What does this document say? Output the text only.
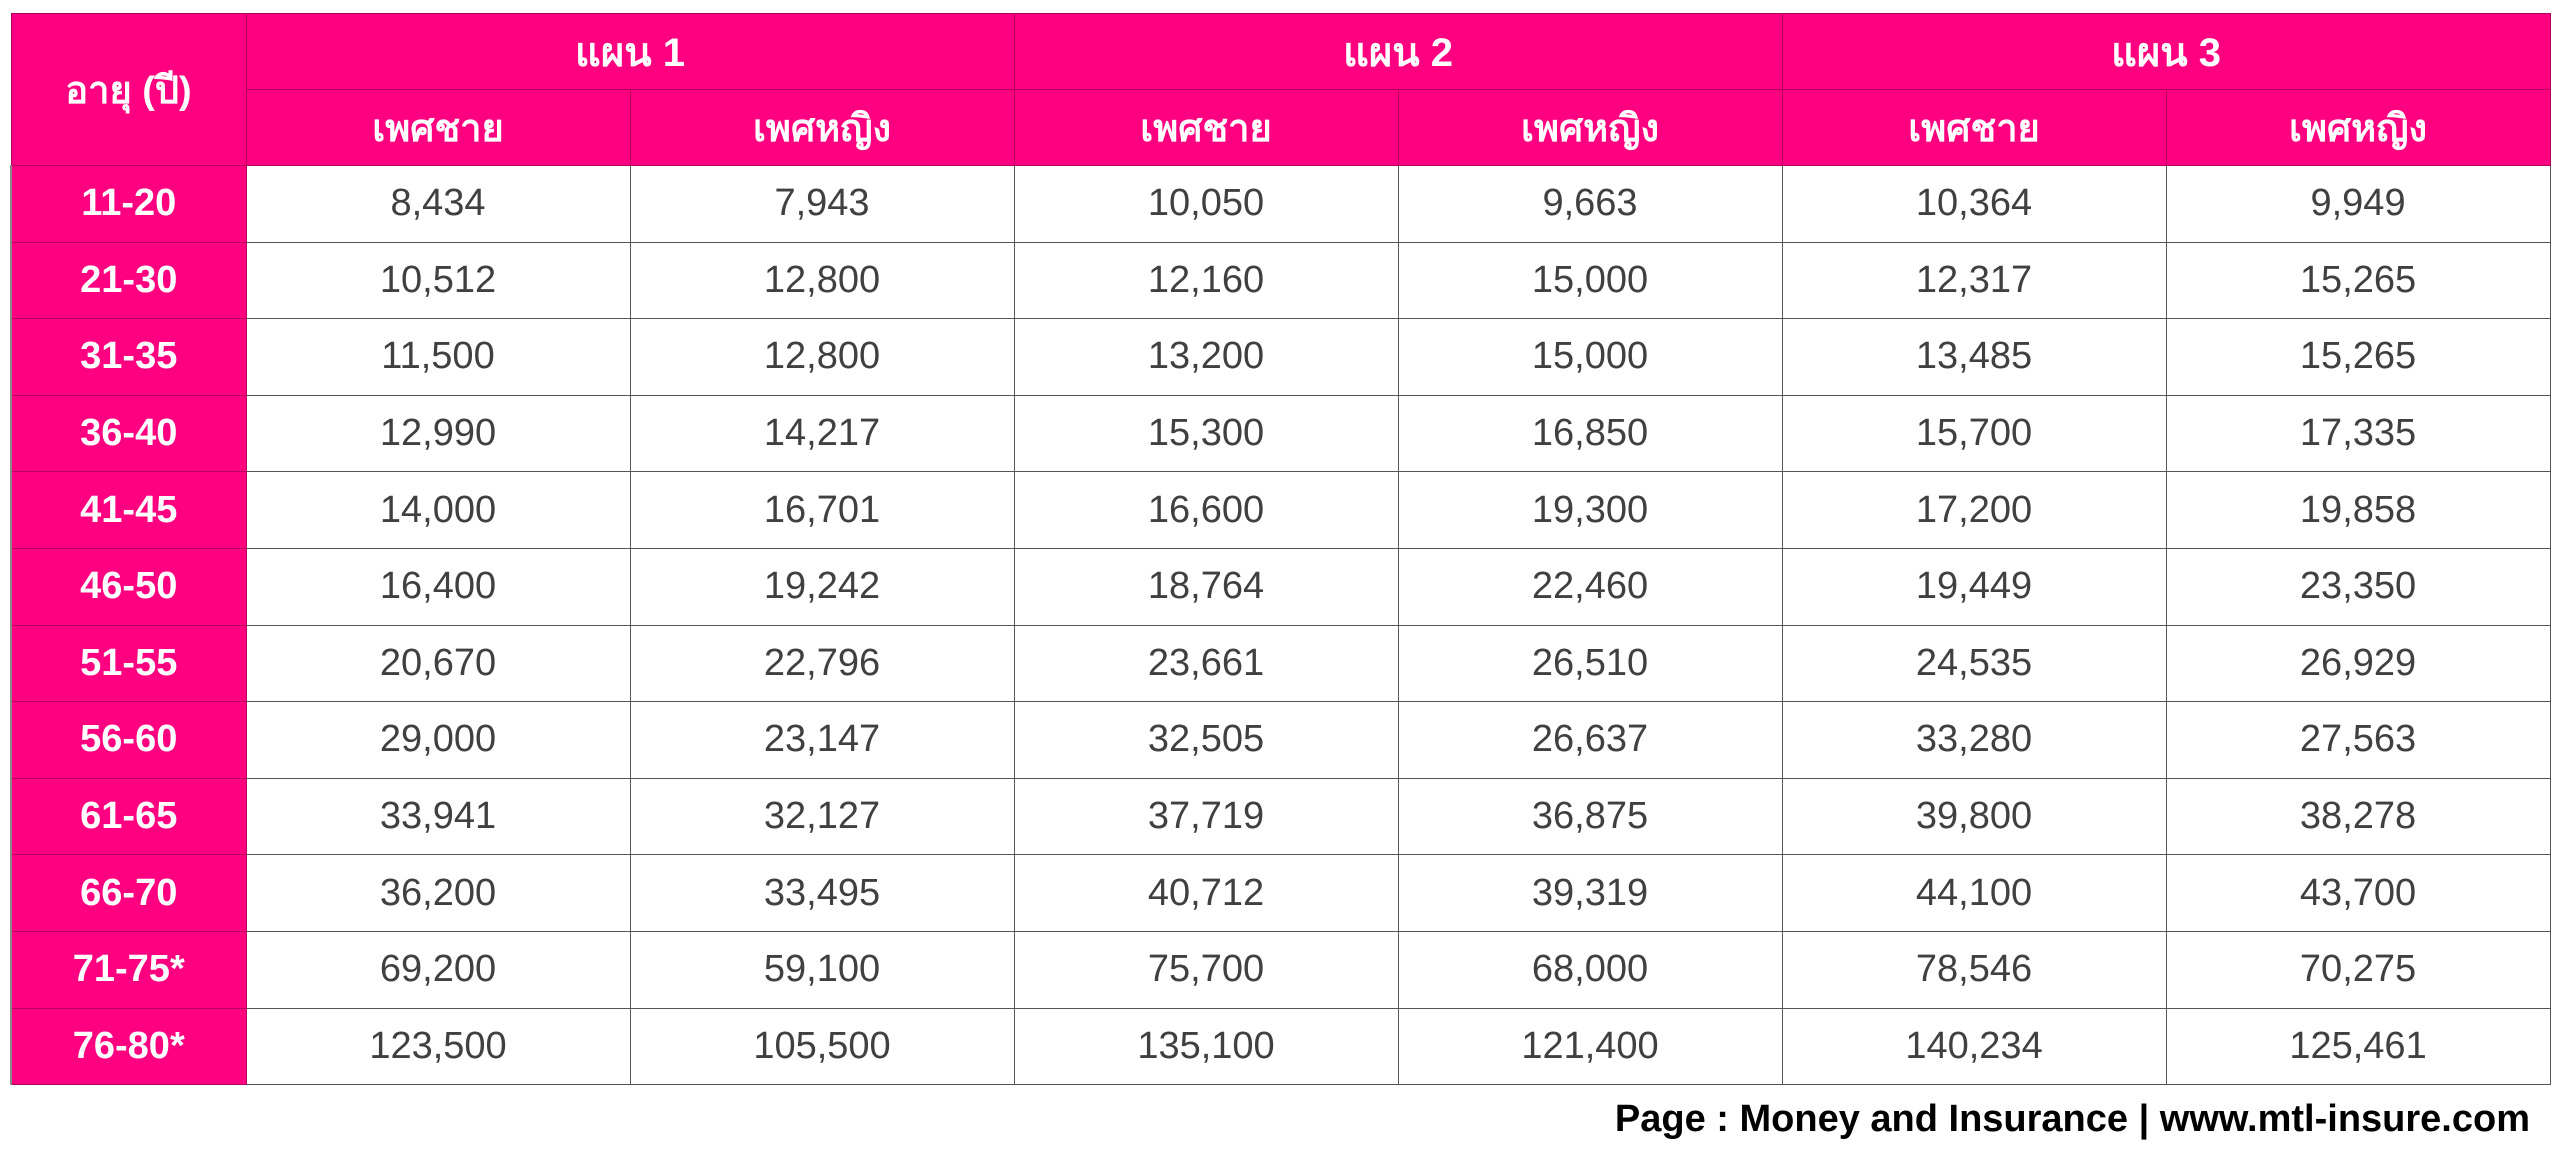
อายุ (ปี)	แผน 1		แผน 2		แผน 3	
	เพศชาย	เพศหญิง	เพศชาย	เพศหญิง	เพศชาย	เพศหญิง
11-20	8,434	7,943	10,050	9,663	10,364	9,949
21-30	10,512	12,800	12,160	15,000	12,317	15,265
31-35	11,500	12,800	13,200	15,000	13,485	15,265
36-40	12,990	14,217	15,300	16,850	15,700	17,335
41-45	14,000	16,701	16,600	19,300	17,200	19,858
46-50	16,400	19,242	18,764	22,460	19,449	23,350
51-55	20,670	22,796	23,661	26,510	24,535	26,929
56-60	29,000	23,147	32,505	26,637	33,280	27,563
61-65	33,941	32,127	37,719	36,875	39,800	38,278
66-70	36,200	33,495	40,712	39,319	44,100	43,700
71-75*	69,200	59,100	75,700	68,000	78,546	70,275
76-80*	123,500	105,500	135,100	121,400	140,234	125,461
Page : Money and Insurance | www.mtl-insure.com
